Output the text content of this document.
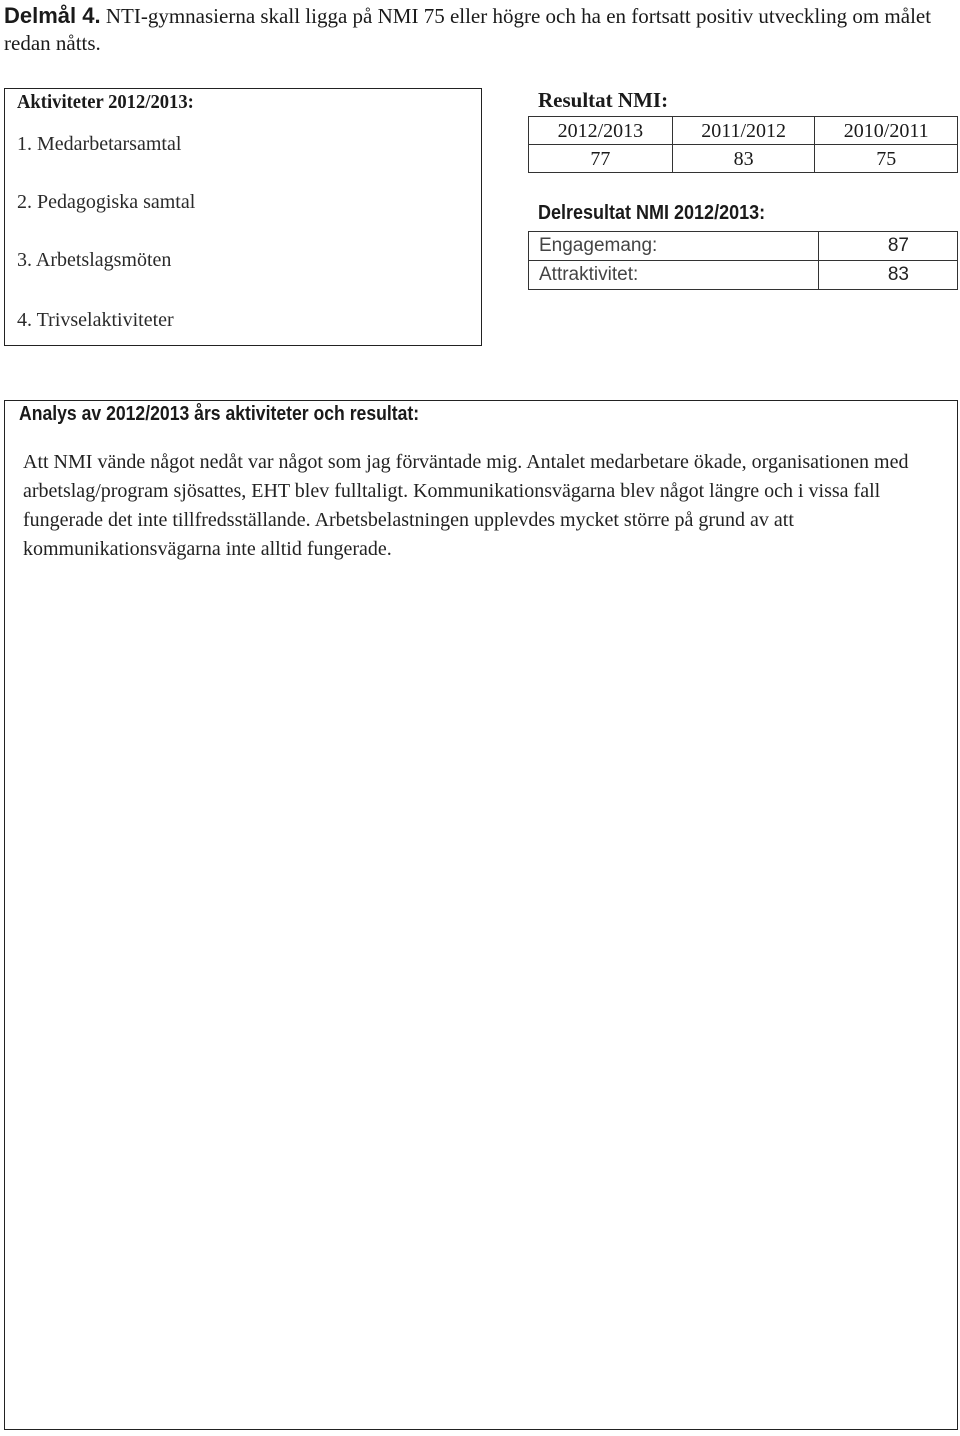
Delmål 4. NTI-gymnasierna skall ligga på NMI 75 eller högre och ha en fortsatt positiv utveckling om målet redan nåtts.
Aktiviteter 2012/2013:
1. Medarbetarsamtal
2. Pedagogiska samtal
3. Arbetslagsmöten
4. Trivselaktiviteter
Resultat NMI:
2012/2013	2011/2012	2010/2011
77	83	75
Delresultat NMI 2012/2013:
Engagemang:	87
Attraktivitet:	83
Analys av 2012/2013 års aktiviteter och resultat:
Att NMI vände något nedåt var något som jag förväntade mig. Antalet medarbetare ökade, organisationen med arbetslag/program sjösattes, EHT blev fulltaligt. Kommunikationsvägarna blev något längre och i vissa fall fungerade det inte tillfredsställande. Arbetsbelastningen upplevdes mycket större på grund av att kommunikationsvägarna inte alltid fungerade.
